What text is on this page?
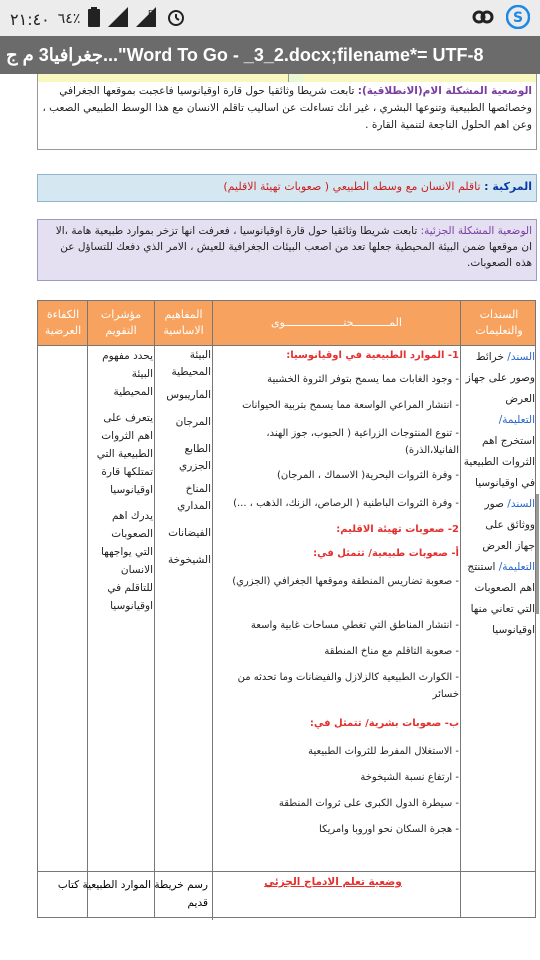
٢١:٤٠ ٦٤٪	E	S
جغرافيا3 م ج..."Word To Go - _3_2.docx;filename*= UTF-8
الوضعية المشكلة الام(الانطلاقية): تابعت شريطا وثائقيا حول قارة اوقيانوسيا فاعجبت بموقعها الجغرافي وخصائصها الطبيعية وتنوعها البشري ، غير انك تساءلت عن اساليب تاقلم الانسان مع هذا الوسط الطبيعي الصعب ، وعن اهم الحلول الناجعة لتنمية القارة .
المركبة : تاقلم الانسان مع وسطه الطبيعي ( صعوبات تهيئة الاقليم)
الوضعية المشكلة الجزئية: تابعت شريطا وثائقيا حول قارة اوقيانوسيا ، فعرفت انها تزخر بموارد طبيعية هامة ،الا ان موقعها ضمن البيئة المحيطية جعلها تعد من اصعب البيئات الجغرافية للعيش ، الامر الذي دفعك للتساؤل عن هذه الصعوبات.
السندات والتعليمات
المـــــــــــحتــــــــــــــــــوى
المفاهيم الاساسية
مؤشرات التقويم
الكفاءة العرضية

السند/ خرائط وصور على جهاز العرض

التعليمة/ استخرج اهم الثروات الطبيعية في اوقيانوسيا

السند/ صور ووثائق على جهاز العرض

التعليمة/ استنتج اهم الصعوبات التي تعاني منها اوقيانوسيا

1- الموارد الطبيعية في اوقيانوسيا:
- وجود الغابات مما يسمح بتوفر الثروة الخشبية
- انتشار المراعي الواسعة مما يسمح بتربية الحيوانات
- تنوع المنتوجات الزراعية ( الحبوب، جوز الهند، الفانيلا،الذرة)
- وفرة الثروات البحرية( الاسماك ، المرجان)
- وفرة الثروات الباطنية ( الرصاص، الزنك، الذهب ، ...)
2- صعوبات تهيئة الاقليم:
أ- صعوبات طبيعية/ تتمثل في:
- صعوبة تضاريس المنطقة وموقعها الجغرافي (الجزري)
- انتشار المناطق التي تغطي مساحات غابية واسعة
- صعوبة التاقلم مع مناخ المنطقة
- الكوارث الطبيعية كالزلازل والفيضانات وما تحدثه من خسائر
ب- صعوبات بشرية/ تتمثل في:
- الاستغلال المفرط للثروات الطبيعية
- ارتفاع نسبة الشيخوخة
- سيطرة الدول الكبرى على ثروات المنطقة
- هجرة السكان نحو اوروبا وامريكا

البيئة المحيطية

الماريبوس

المرجان

الطابع الجزري

المناخ المداري

الفيضانات

الشيخوخة

يحدد مفهوم البيئة المحيطية

يتعرف على اهم الثروات الطبيعية التي تمتلكها قارة اوقيانوسيا

يدرك اهم الصعوبات التي يواجهها الانسان للتاقلم في اوقيانوسيا

وضعية تعلم الادماج الجزئي
رسم خريطة الموارد الطبيعية كتاب قديم
